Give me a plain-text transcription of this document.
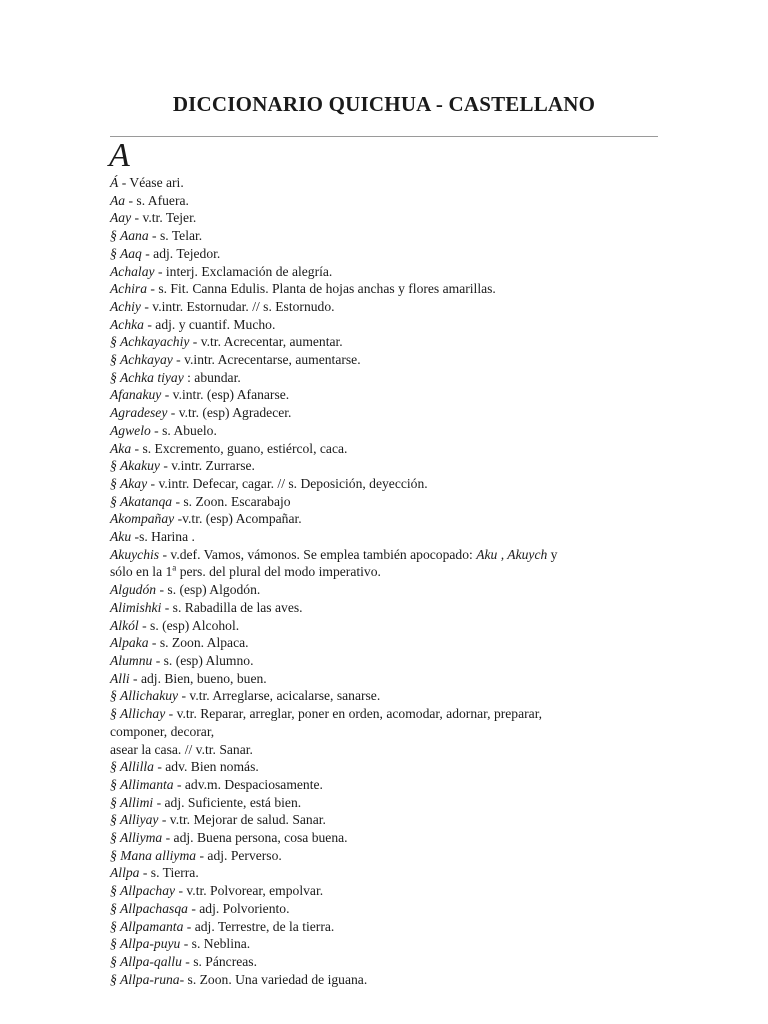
DICCIONARIO QUICHUA - CASTELLANO
A
Á - Véase ari.
Aa - s. Afuera.
Aay - v.tr. Tejer.
§ Aana - s. Telar.
§ Aaq - adj. Tejedor.
Achalay - interj. Exclamación de alegría.
Achira - s. Fit. Canna Edulis. Planta de hojas anchas y flores amarillas.
Achiy - v.intr. Estornudar. // s. Estornudo.
Achka - adj. y cuantif. Mucho.
§ Achkayachiy - v.tr. Acrecentar, aumentar.
§ Achkayay - v.intr. Acrecentarse, aumentarse.
§ Achka tiyay : abundar.
Afanakuy - v.intr. (esp) Afanarse.
Agradesey - v.tr. (esp) Agradecer.
Agwelo - s. Abuelo.
Aka - s. Excremento, guano, estiércol, caca.
§ Akakuy - v.intr. Zurrarse.
§ Akay - v.intr. Defecar, cagar. // s. Deposición, deyección.
§ Akatanqa - s. Zoon. Escarabajo
Akompañay -v.tr. (esp) Acompañar.
Aku -s. Harina .
Akuychis - v.def. Vamos, vámonos. Se emplea también apocopado: Aku , Akuych y
sólo en la 1$^a$ pers. del plural del modo imperativo.
Algudón - s. (esp) Algodón.
Alimishki - s. Rabadilla de las aves.
Alkól - s. (esp) Alcohol.
Alpaka - s. Zoon. Alpaca.
Alumnu - s. (esp) Alumno.
Alli - adj. Bien, bueno, buen.
§ Allichakuy - v.tr. Arreglarse, acicalarse, sanarse.
§ Allichay - v.tr. Reparar, arreglar, poner en orden, acomodar, adornar, preparar,
componer, decorar,
asear la casa. // v.tr. Sanar.
§ Allilla - adv. Bien nomás.
§ Allimanta - adv.m. Despaciosamente.
§ Allimi - adj. Suficiente, está bien.
§ Alliyay - v.tr. Mejorar de salud. Sanar.
§ Alliyma - adj. Buena persona, cosa buena.
§ Mana alliyma - adj. Perverso.
Allpa - s. Tierra.
§ Allpachay - v.tr. Polvorear, empolvar.
§ Allpachasqa - adj. Polvoriento.
§ Allpamanta - adj. Terrestre, de la tierra.
§ Allpa-puyu - s. Neblina.
§ Allpa-qallu - s. Páncreas.
§ Allpa-runa- s. Zoon. Una variedad de iguana.
